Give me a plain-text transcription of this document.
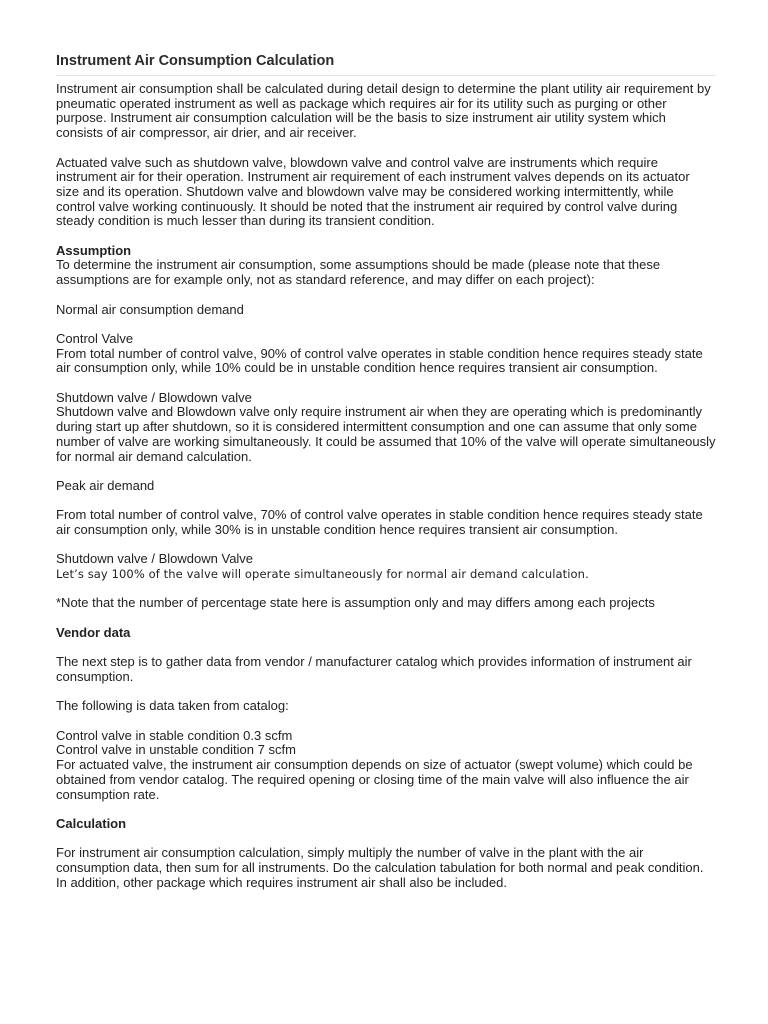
Instrument Air Consumption Calculation

Instrument air consumption shall be calculated during detail design to determine the plant utility air requirement by pneumatic operated instrument as well as package which requires air for its utility such as purging or other purpose. Instrument air consumption calculation will be the basis to size instrument air utility system which consists of air compressor, air drier, and air receiver.

Actuated valve such as shutdown valve, blowdown valve and control valve are instruments which require instrument air for their operation. Instrument air requirement of each instrument valves depends on its actuator size and its operation. Shutdown valve and blowdown valve may be considered working intermittently, while control valve working continuously. It should be noted that the instrument air required by control valve during steady condition is much lesser than during its transient condition.

Assumption
To determine the instrument air consumption, some assumptions should be made (please note that these assumptions are for example only, not as standard reference, and may differ on each project):

Normal air consumption demand

Control Valve
From total number of control valve, 90% of control valve operates in stable condition hence requires steady state air consumption only, while 10% could be in unstable condition hence requires transient air consumption.

Shutdown valve / Blowdown valve
Shutdown valve and Blowdown valve only require instrument air when they are operating which is predominantly during start up after shutdown, so it is considered intermittent consumption and one can assume that only some number of valve are working simultaneously. It could be assumed that 10% of the valve will operate simultaneously for normal air demand calculation.

Peak air demand

From total number of control valve, 70% of control valve operates in stable condition hence requires steady state air consumption only, while 30% is in unstable condition hence requires transient air consumption.

Shutdown valve / Blowdown Valve
Let’s say 100% of the valve will operate simultaneously for normal air demand calculation.

*Note that the number of percentage state here is assumption only and may differs among each projects

Vendor data

The next step is to gather data from vendor / manufacturer catalog which provides information of instrument air consumption.

The following is data taken from catalog:

Control valve in stable condition 0.3 scfm
Control valve in unstable condition 7 scfm
For actuated valve, the instrument air consumption depends on size of actuator (swept volume) which could be obtained from vendor catalog. The required opening or closing time of the main valve will also influence the air consumption rate.

Calculation

For instrument air consumption calculation, simply multiply the number of valve in the plant with the air consumption data, then sum for all instruments. Do the calculation tabulation for both normal and peak condition. In addition, other package which requires instrument air shall also be included.
